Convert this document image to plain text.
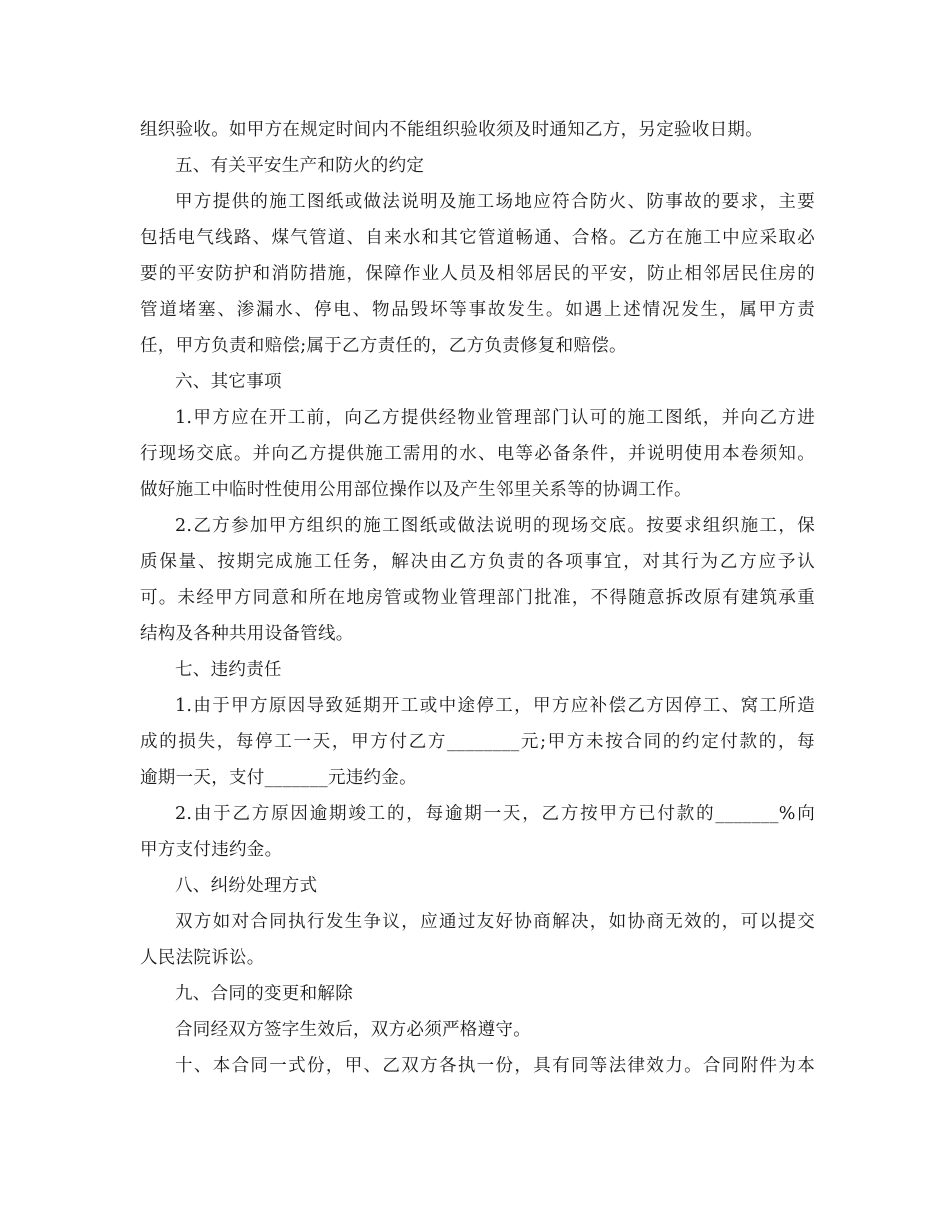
组织验收。如甲方在规定时间内不能组织验收须及时通知乙方，另定验收日期。
五、有关平安生产和防火的约定
甲方提供的施工图纸或做法说明及施工场地应符合防火、防事故的要求，主要
包括电气线路、煤气管道、自来水和其它管道畅通、合格。乙方在施工中应采取必
要的平安防护和消防措施，保障作业人员及相邻居民的平安，防止相邻居民住房的
管道堵塞、渗漏水、停电、物品毁坏等事故发生。如遇上述情况发生，属甲方责
任，甲方负责和赔偿;属于乙方责任的，乙方负责修复和赔偿。
六、其它事项
1.甲方应在开工前，向乙方提供经物业管理部门认可的施工图纸，并向乙方进
行现场交底。并向乙方提供施工需用的水、电等必备条件，并说明使用本卷须知。
做好施工中临时性使用公用部位操作以及产生邻里关系等的协调工作。
2.乙方参加甲方组织的施工图纸或做法说明的现场交底。按要求组织施工，保
质保量、按期完成施工任务，解决由乙方负责的各项事宜，对其行为乙方应予认
可。未经甲方同意和所在地房管或物业管理部门批准，不得随意拆改原有建筑承重
结构及各种共用设备管线。
七、违约责任
1.由于甲方原因导致延期开工或中途停工，甲方应补偿乙方因停工、窝工所造
成的损失，每停工一天，甲方付乙方________元;甲方未按合同的约定付款的，每
逾期一天，支付_______元违约金。
2.由于乙方原因逾期竣工的，每逾期一天，乙方按甲方已付款的_______%向
甲方支付违约金。
八、纠纷处理方式
双方如对合同执行发生争议，应通过友好协商解决，如协商无效的，可以提交
人民法院诉讼。
九、合同的变更和解除
合同经双方签字生效后，双方必须严格遵守。
十、本合同一式份，甲、乙双方各执一份，具有同等法律效力。合同附件为本
